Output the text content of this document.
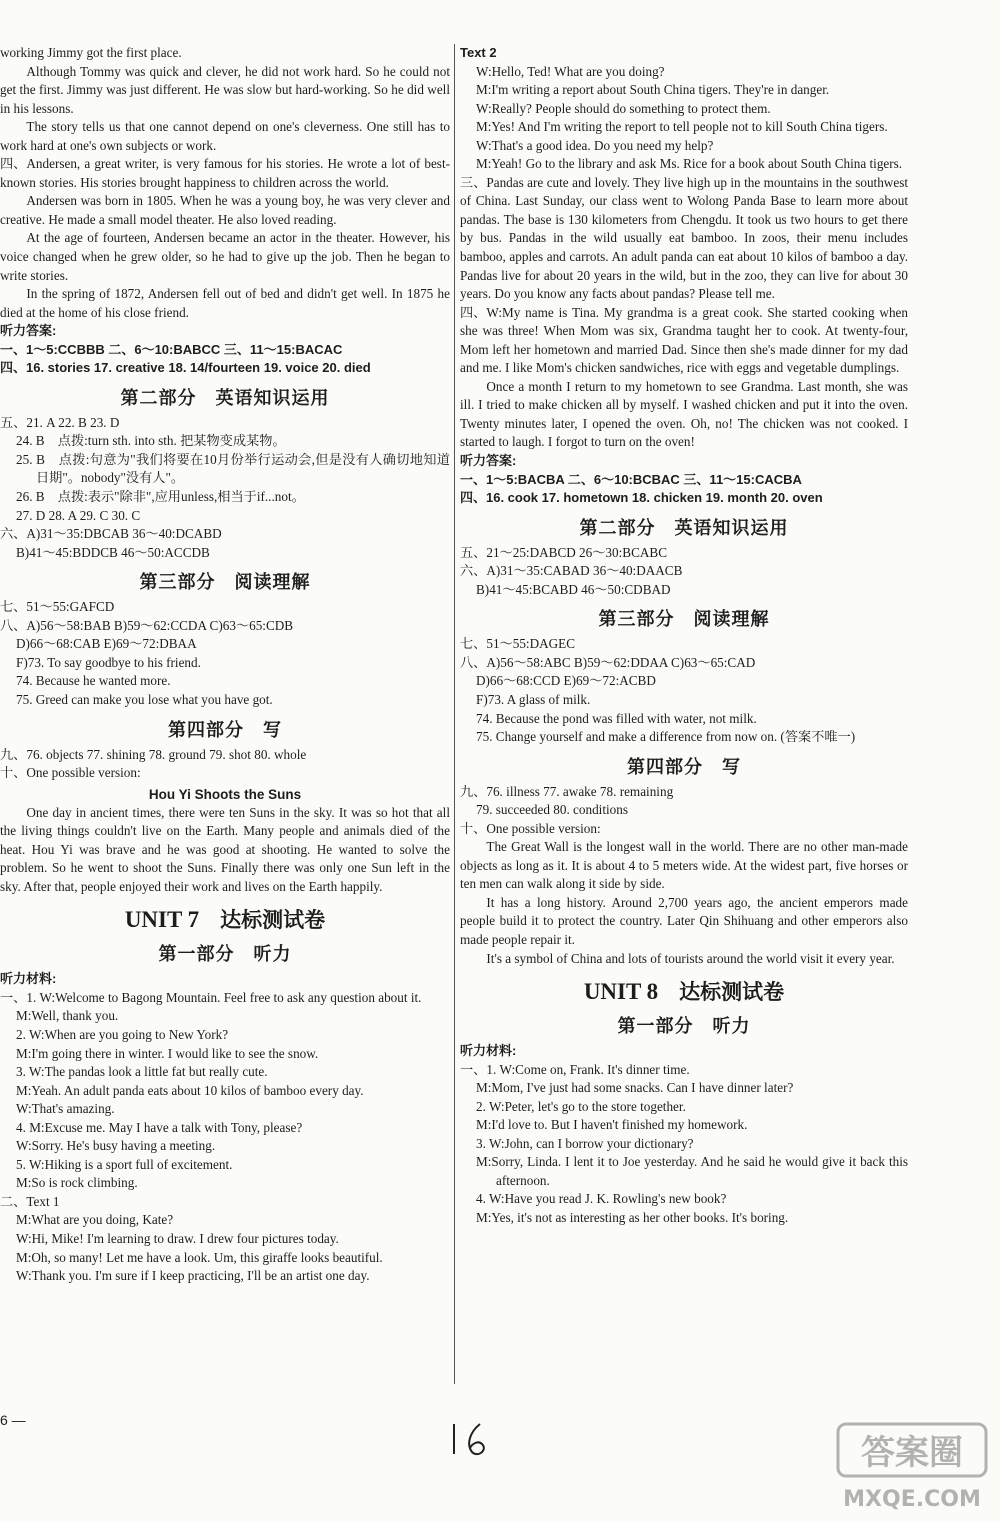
working Jimmy got the first place.
Although Tommy was quick and clever, he did not work hard. So he could not get the first. Jimmy was just different. He was slow but hard-working. So he did well in his lessons.
The story tells us that one cannot depend on one's cleverness. One still has to work hard at one's own subjects or work.
四、Andersen, a great writer, is very famous for his stories. He wrote a lot of best-known stories. His stories brought happiness to children across the world.
Andersen was born in 1805. When he was a young boy, he was very clever and creative. He made a small model theater. He also loved reading.
At the age of fourteen, Andersen became an actor in the theater. However, his voice changed when he grew older, so he had to give up the job. Then he began to write stories.
In the spring of 1872, Andersen fell out of bed and didn't get well. In 1875 he died at the home of his close friend.
听力答案:
一、1～5:CCBBB 二、6～10:BABCC 三、11～15:BACAC
四、16. stories 17. creative 18. 14/fourteen 19. voice 20. died
第二部分　英语知识运用
五、21. A 22. B 23. D
24. B　点拨:turn sth. into sth. 把某物变成某物。
25. B　点拨:句意为"我们将要在10月份举行运动会,但是没有人确切地知道日期"。nobody"没有人"。
26. B　点拨:表示"除非",应用unless,相当于if...not。
27. D 28. A 29. C 30. C
六、A)31～35:DBCAB 36～40:DCABD
B)41～45:BDDCB 46～50:ACCDB
第三部分　阅读理解
七、51～55:GAFCD
八、A)56～58:BAB B)59～62:CCDA C)63～65:CDB
D)66～68:CAB E)69～72:DBAA
F)73. To say goodbye to his friend.
74. Because he wanted more.
75. Greed can make you lose what you have got.
第四部分　写
九、76. objects 77. shining 78. ground 79. shot 80. whole
十、One possible version:
Hou Yi Shoots the Suns
One day in ancient times, there were ten Suns in the sky. It was so hot that all the living things couldn't live on the Earth. Many people and animals died of the heat. Hou Yi was brave and he was good at shooting. He wanted to solve the problem. So he went to shoot the Suns. Finally there was only one Sun left in the sky. After that, people enjoyed their work and lives on the Earth happily.
UNIT 7　 达标测试卷
第一部分　听力
听力材料:
一、1. W:Welcome to Bagong Mountain. Feel free to ask any question about it.
M:Well, thank you.
2. W:When are you going to New York?
M:I'm going there in winter. I would like to see the snow.
3. W:The pandas look a little fat but really cute.
M:Yeah. An adult panda eats about 10 kilos of bamboo every day.
W:That's amazing.
4. M:Excuse me. May I have a talk with Tony, please?
W:Sorry. He's busy having a meeting.
5. W:Hiking is a sport full of excitement.
M:So is rock climbing.
二、Text 1
M:What are you doing, Kate?
W:Hi, Mike! I'm learning to draw. I drew four pictures today.
M:Oh, so many! Let me have a look. Um, this giraffe looks beautiful.
W:Thank you. I'm sure if I keep practicing, I'll be an artist one day.
Text 2
W:Hello, Ted! What are you doing?
M:I'm writing a report about South China tigers. They're in danger.
W:Really? People should do something to protect them.
M:Yes! And I'm writing the report to tell people not to kill South China tigers.
W:That's a good idea. Do you need my help?
M:Yeah! Go to the library and ask Ms. Rice for a book about South China tigers.
三、Pandas are cute and lovely. They live high up in the mountains in the southwest of China. Last Sunday, our class went to Wolong Panda Base to learn more about pandas. The base is 130 kilometers from Chengdu. It took us two hours to get there by bus. Pandas in the wild usually eat bamboo. In zoos, their menu includes bamboo, apples and carrots. An adult panda can eat about 10 kilos of bamboo a day. Pandas live for about 20 years in the wild, but in the zoo, they can live for about 30 years. Do you know any facts about pandas? Please tell me.
四、W:My name is Tina. My grandma is a great cook. She started cooking when she was three! When Mom was six, Grandma taught her to cook. At twenty-four, Mom left her hometown and married Dad. Since then she's made dinner for my dad and me. I like Mom's chicken sandwiches, rice with eggs and vegetable dumplings.
Once a month I return to my hometown to see Grandma. Last month, she was ill. I tried to make chicken all by myself. I washed chicken and put it into the oven. Twenty minutes later, I opened the oven. Oh, no! The chicken was not cooked. I started to laugh. I forgot to turn on the oven!
听力答案:
一、1～5:BACBA 二、6～10:BCBAC 三、11～15:CACBA
四、16. cook 17. hometown 18. chicken 19. month 20. oven
第二部分　英语知识运用
五、21～25:DABCD 26～30:BCABC
六、A)31～35:CABAD 36～40:DAACB
B)41～45:BCABD 46～50:CDBAD
第三部分　阅读理解
七、51～55:DAGEC
八、A)56～58:ABC B)59～62:DDAA C)63～65:CAD
D)66～68:CCD E)69～72:ACBD
F)73. A glass of milk.
74. Because the pond was filled with water, not milk.
75. Change yourself and make a difference from now on. (答案不唯一)
第四部分　写
九、76. illness 77. awake 78. remaining
79. succeeded 80. conditions
十、One possible version:
The Great Wall is the longest wall in the world. There are no other man-made objects as long as it. It is about 4 to 5 meters wide. At the widest part, five horses or ten men can walk along it side by side.
It has a long history. Around 2,700 years ago, the ancient emperors made people build it to protect the country. Later Qin Shihuang and other emperors also made people repair it.
It's a symbol of China and lots of tourists around the world visit it every year.
UNIT 8　 达标测试卷
第一部分　听力
听力材料:
一、1. W:Come on, Frank. It's dinner time.
M:Mom, I've just had some snacks. Can I have dinner later?
2. W:Peter, let's go to the store together.
M:I'd love to. But I haven't finished my homework.
3. W:John, can I borrow your dictionary?
M:Sorry, Linda. I lent it to Joe yesterday. And he said he would give it back this afternoon.
4. W:Have you read J. K. Rowling's new book?
M:Yes, it's not as interesting as her other books. It's boring.
6 —
答案圈
MXQE.COM
